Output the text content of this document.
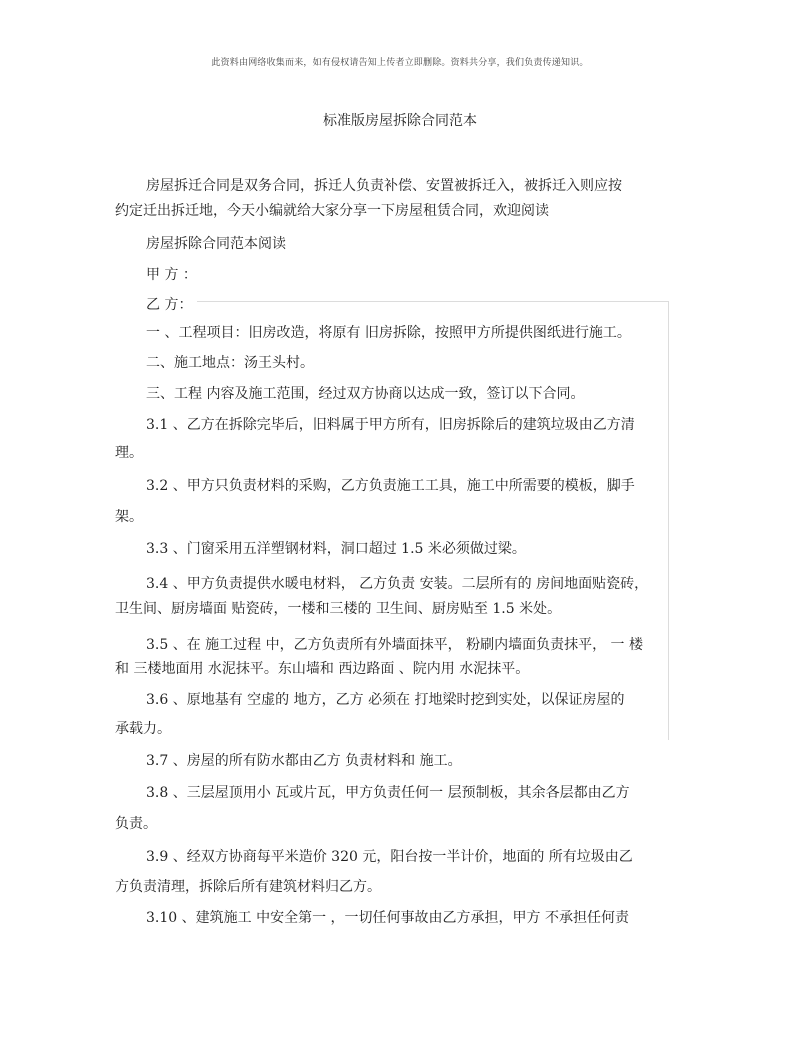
此资料由网络收集而来，如有侵权请告知上传者立即删除。资料共分享，我们负责传递知识。
标准版房屋拆除合同范本
房屋拆迁合同是双务合同，拆迁人负责补偿、安置被拆迁入，被拆迁入则应按
约定迁出拆迁地，今天小编就给大家分享一下房屋租赁合同，欢迎阅读
房屋拆除合同范本阅读
甲 方 ：
乙 方：
一 、工程项目：旧房改造，将原有 旧房拆除，按照甲方所提供图纸进行施工。
二、施工地点：汤王头村。
三、工程 内容及施工范围，经过双方协商以达成一致，签订以下合同。
3.1 、乙方在拆除完毕后，旧料属于甲方所有，旧房拆除后的建筑垃圾由乙方清
理。
3.2 、甲方只负责材料的采购，乙方负责施工工具，施工中所需要的模板，脚手
架。
3.3 、门窗采用五洋塑钢材料，洞口超过 1.5 米必须做过梁。
3.4 、甲方负责提供水暖电材料， 乙方负责 安装。二层所有的 房间地面贴瓷砖，
卫生间、厨房墙面 贴瓷砖，一楼和三楼的 卫生间、厨房贴至 1.5 米处。
3.5 、在 施工过程 中，乙方负责所有外墙面抹平， 粉刷内墙面负责抹平， 一 楼
和 三楼地面用 水泥抹平。东山墙和 西边路面 、院内用 水泥抹平。
3.6 、原地基有 空虚的 地方，乙方 必须在 打地梁时挖到实处，以保证房屋的
承载力。
3.7 、房屋的所有防水都由乙方 负责材料和 施工。
3.8 、三层屋顶用小 瓦或片瓦，甲方负责任何一 层预制板，其余各层都由乙方
负责。
3.9 、经双方协商每平米造价 320 元，阳台按一半计价，地面的 所有垃圾由乙
方负责清理，拆除后所有建筑材料归乙方。
3.10 、建筑施工 中安全第一 ，一切任何事故由乙方承担，甲方 不承担任何责
